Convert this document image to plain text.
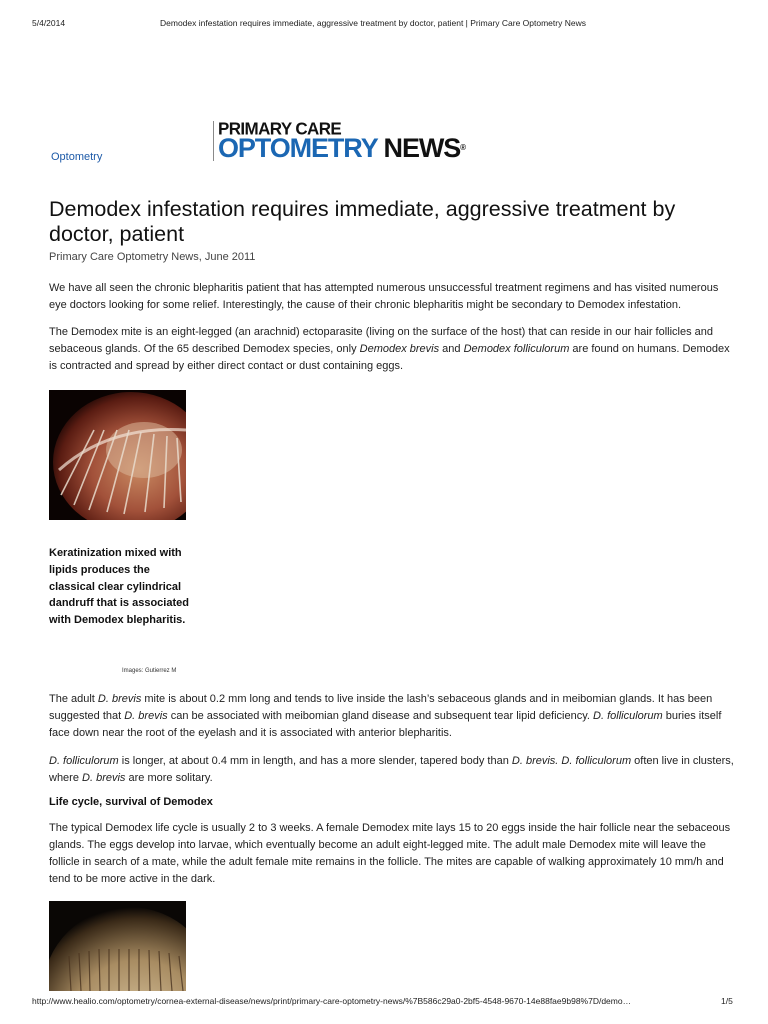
5/4/2014	Demodex infestation requires immediate, aggressive treatment by doctor, patient | Primary Care Optometry News
PRIMARY CARE
OPTOMETRY NEWS®
Optometry
Demodex infestation requires immediate, aggressive treatment by doctor, patient
Primary Care Optometry News, June 2011

We have all seen the chronic blepharitis patient that has attempted numerous unsuccessful treatment regimens and has visited numerous eye doctors looking for some relief. Interestingly, the cause of their chronic blepharitis might be secondary to Demodex infestation.

The Demodex mite is an eight-legged (an arachnid) ectoparasite (living on the surface of the host) that can reside in our hair follicles and sebaceous glands. Of the 65 described Demodex species, only Demodex brevis and Demodex folliculorum are found on humans. Demodex is contracted and spread by either direct contact or dust containing eggs.

Keratinization mixed with lipids produces the classical clear cylindrical dandruff that is associated with Demodex blepharitis.

Images: Gutierrez M

The adult D. brevis mite is about 0.2 mm long and tends to live inside the lash’s sebaceous glands and in meibomian glands. It has been suggested that D. brevis can be associated with meibomian gland disease and subsequent tear lipid deficiency. D. folliculorum buries itself face down near the root of the eyelash and it is associated with anterior blepharitis.

D. folliculorum is longer, at about 0.4 mm in length, and has a more slender, tapered body than D. brevis. D. folliculorum often live in clusters, where D. brevis are more solitary.

Life cycle, survival of Demodex

The typical Demodex life cycle is usually 2 to 3 weeks. A female Demodex mite lays 15 to 20 eggs inside the hair follicle near the sebaceous glands. The eggs develop into larvae, which eventually become an adult eight-legged mite. The adult male Demodex mite will leave the follicle in search of a mate, while the adult female mite remains in the follicle. The mites are capable of walking approximately 10 mm/h and tend to be more active in the dark.

http://www.healio.com/optometry/cornea-external-disease/news/print/primary-care-optometry-news/%7B586c29a0-2bf5-4548-9670-14e88fae9b98%7D/demo…	1/5
